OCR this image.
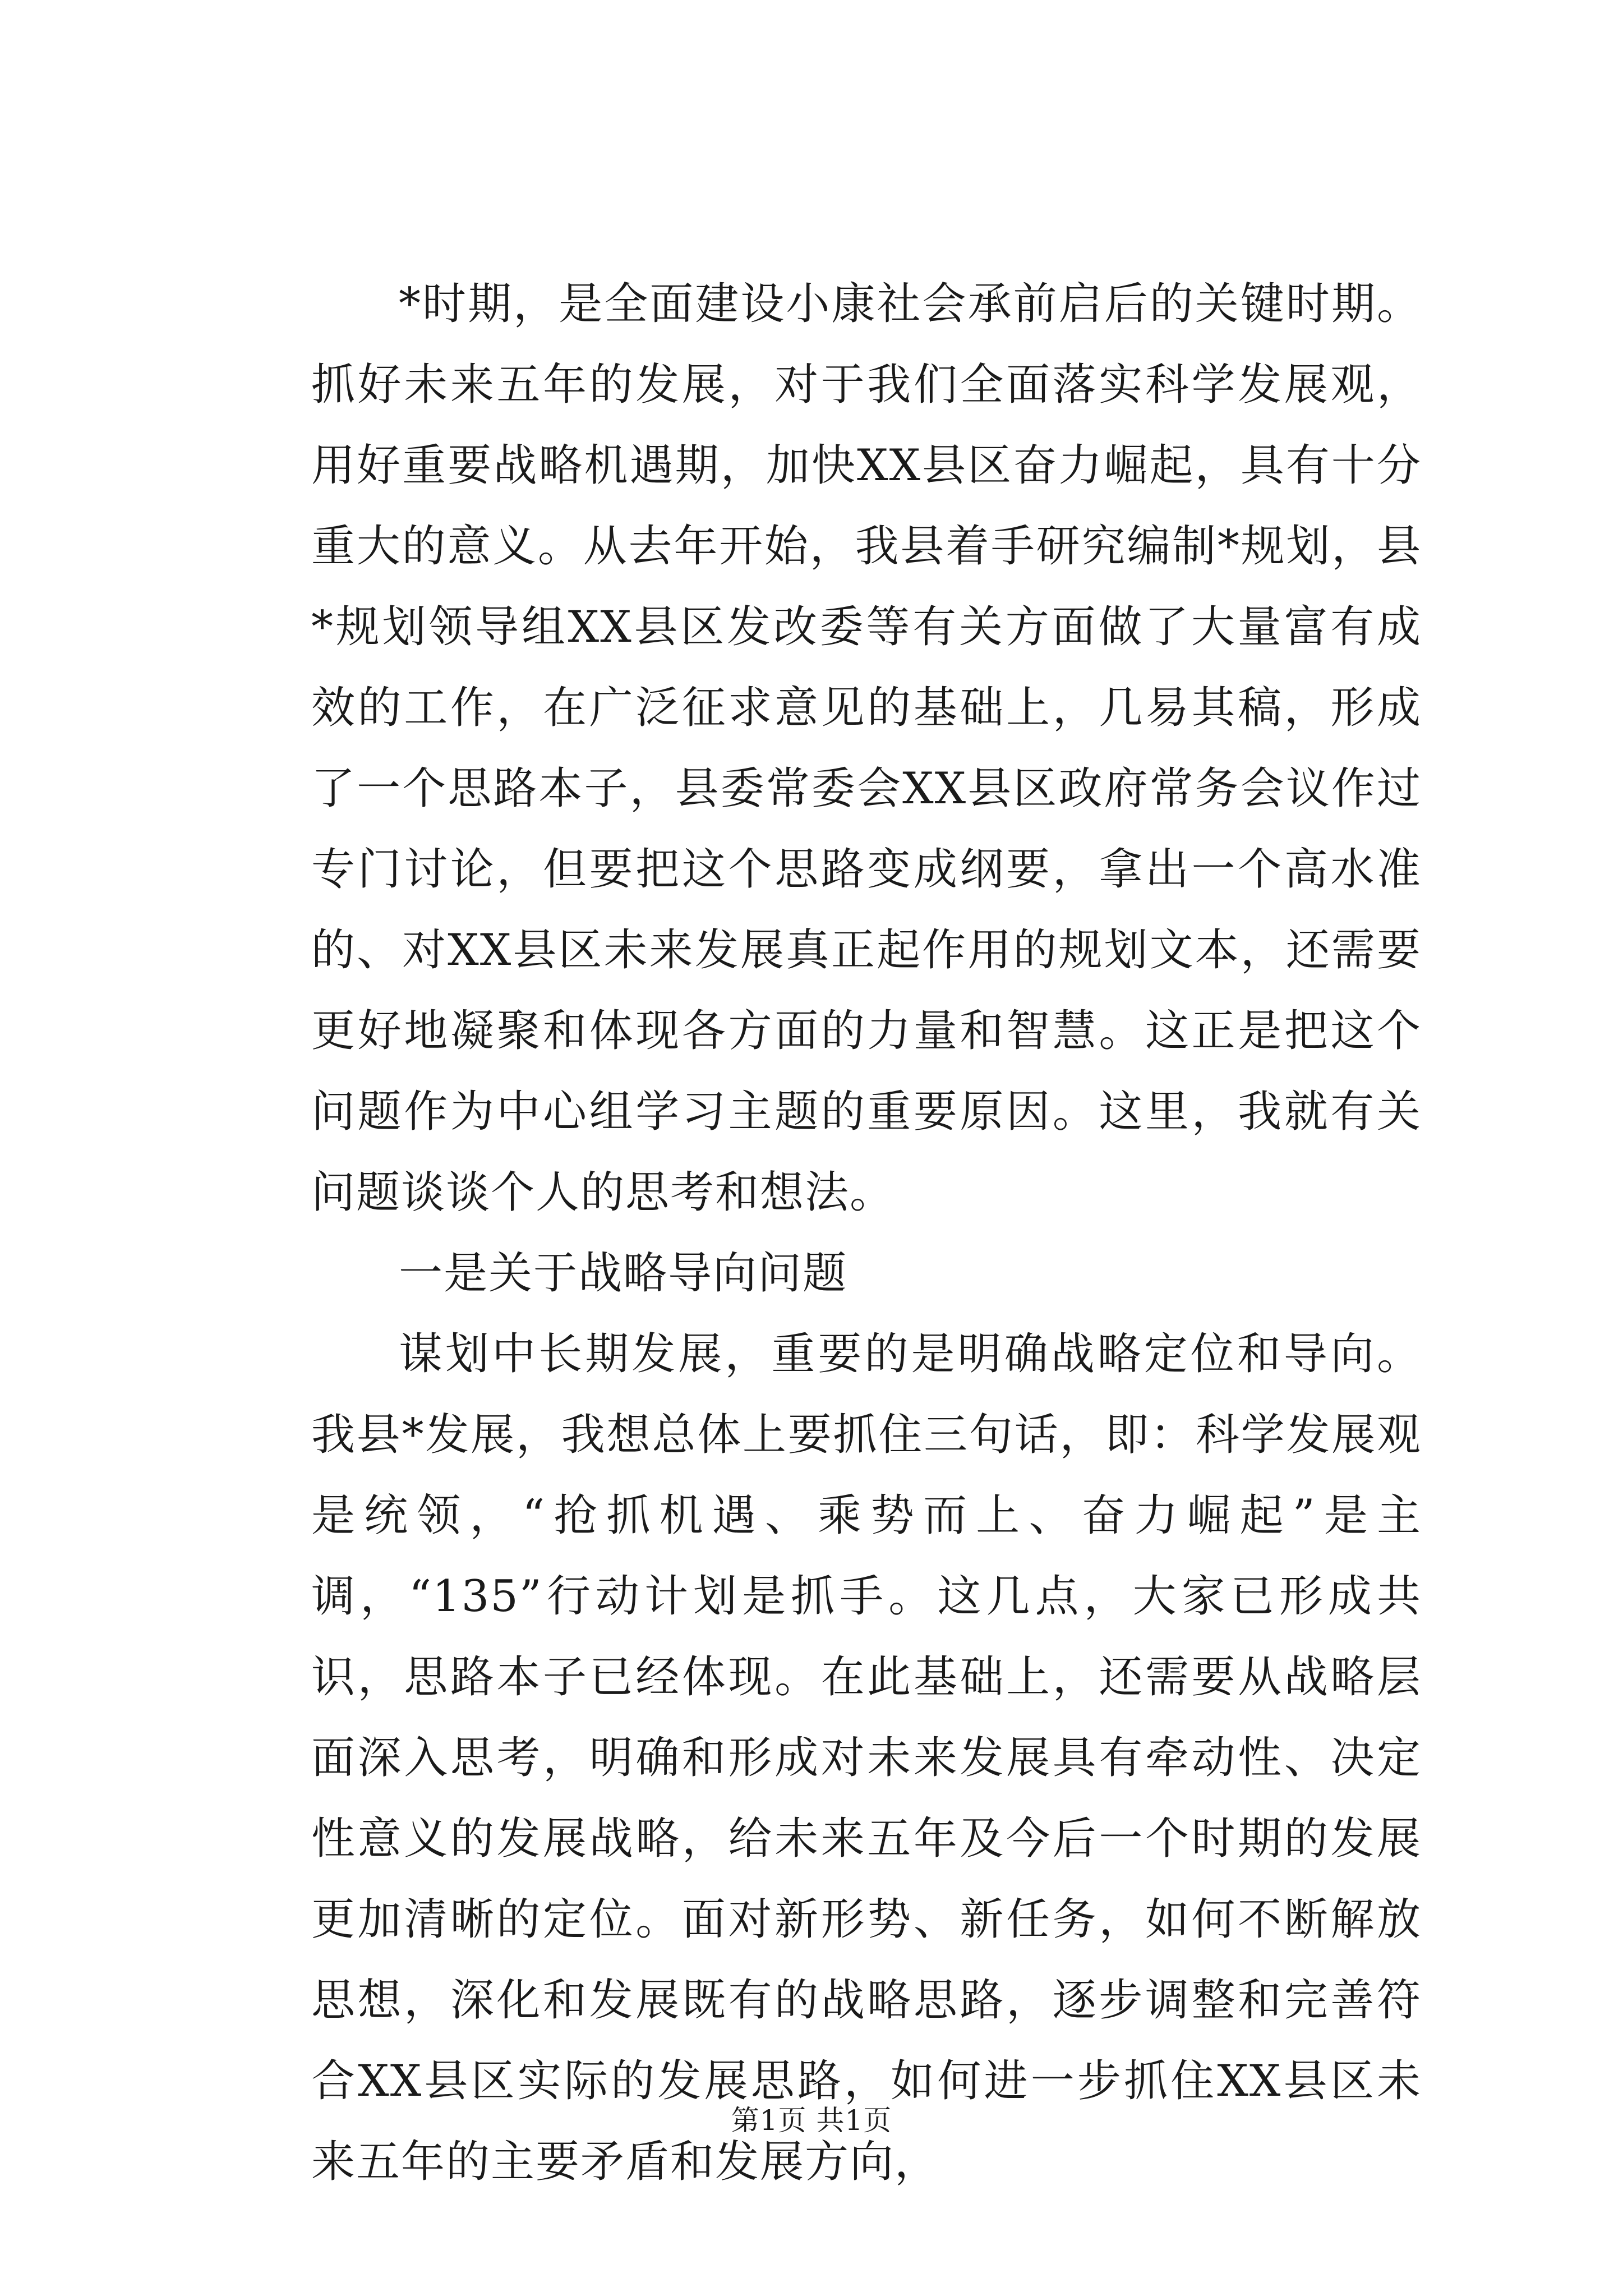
*时期，是全面建设小康社会承前启后的关键时期。抓好未来五年的发展，对于我们全面落实科学发展观，用好重要战略机遇期，加快XX县区奋力崛起，具有十分重大的意义。从去年开始，我县着手研究编制*规划，县*规划领导组XX县区发改委等有关方面做了大量富有成效的工作，在广泛征求意见的基础上，几易其稿，形成了一个思路本子，县委常委会XX县区政府常务会议作过专门讨论，但要把这个思路变成纲要，拿出一个高水准的、对XX县区未来发展真正起作用的规划文本，还需要更好地凝聚和体现各方面的力量和智慧。这正是把这个问题作为中心组学习主题的重要原因。这里，我就有关问题谈谈个人的思考和想法。

一是关于战略导向问题

谋划中长期发展，重要的是明确战略定位和导向。我县*发展，我想总体上要抓住三句话，即：科学发展观是统领，“抢抓机遇、乘势而上、奋力崛起”是主调，“135”行动计划是抓手。这几点，大家已形成共识，思路本子已经体现。在此基础上，还需要从战略层面深入思考，明确和形成对未来发展具有牵动性、决定性意义的发展战略，给未来五年及今后一个时期的发展更加清晰的定位。面对新形势、新任务，如何不断解放思想，深化和发展既有的战略思路，逐步调整和完善符合XX县区实际的发展思路，如何进一步抓住XX县区未来五年的主要矛盾和发展方向，

第1页 共1页
